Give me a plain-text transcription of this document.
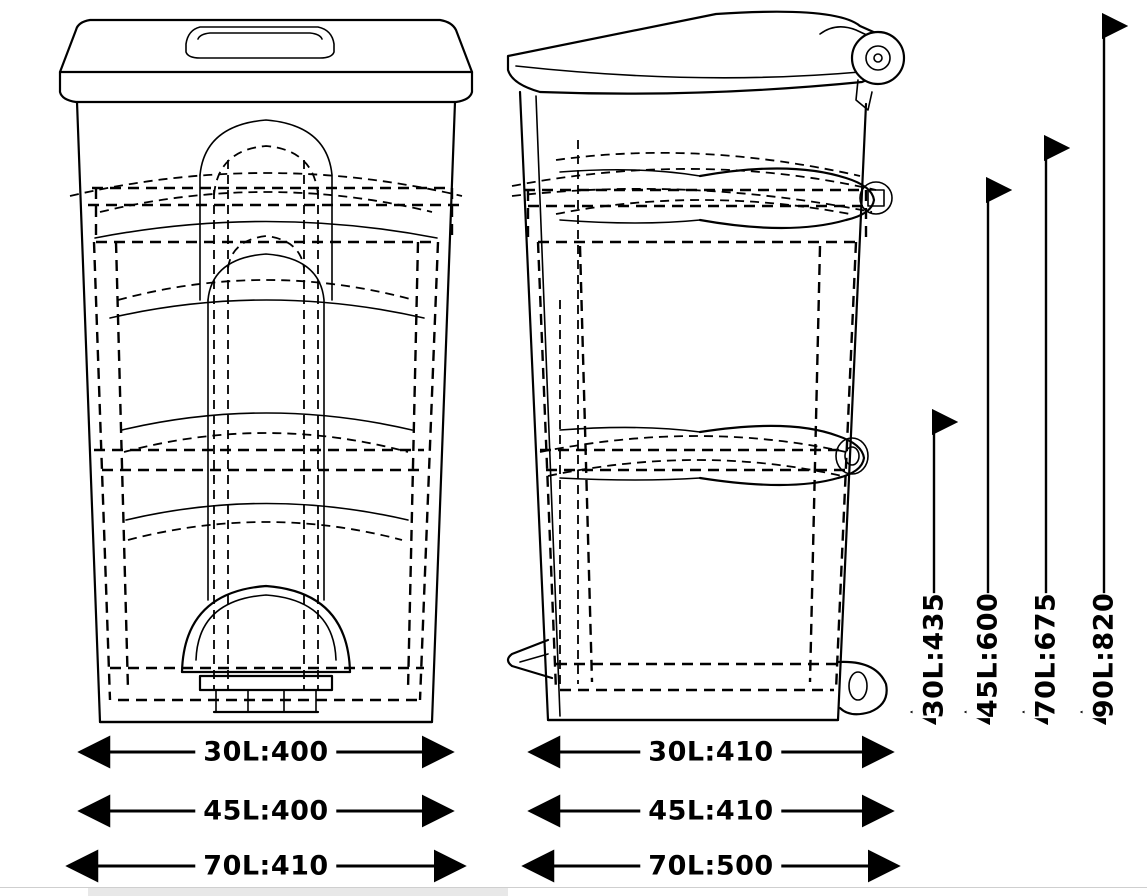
30L:435 45L:600 70L:675 90L:820
30L:400
45L:400
70L:410
30L:410
45L:410
70L:500
